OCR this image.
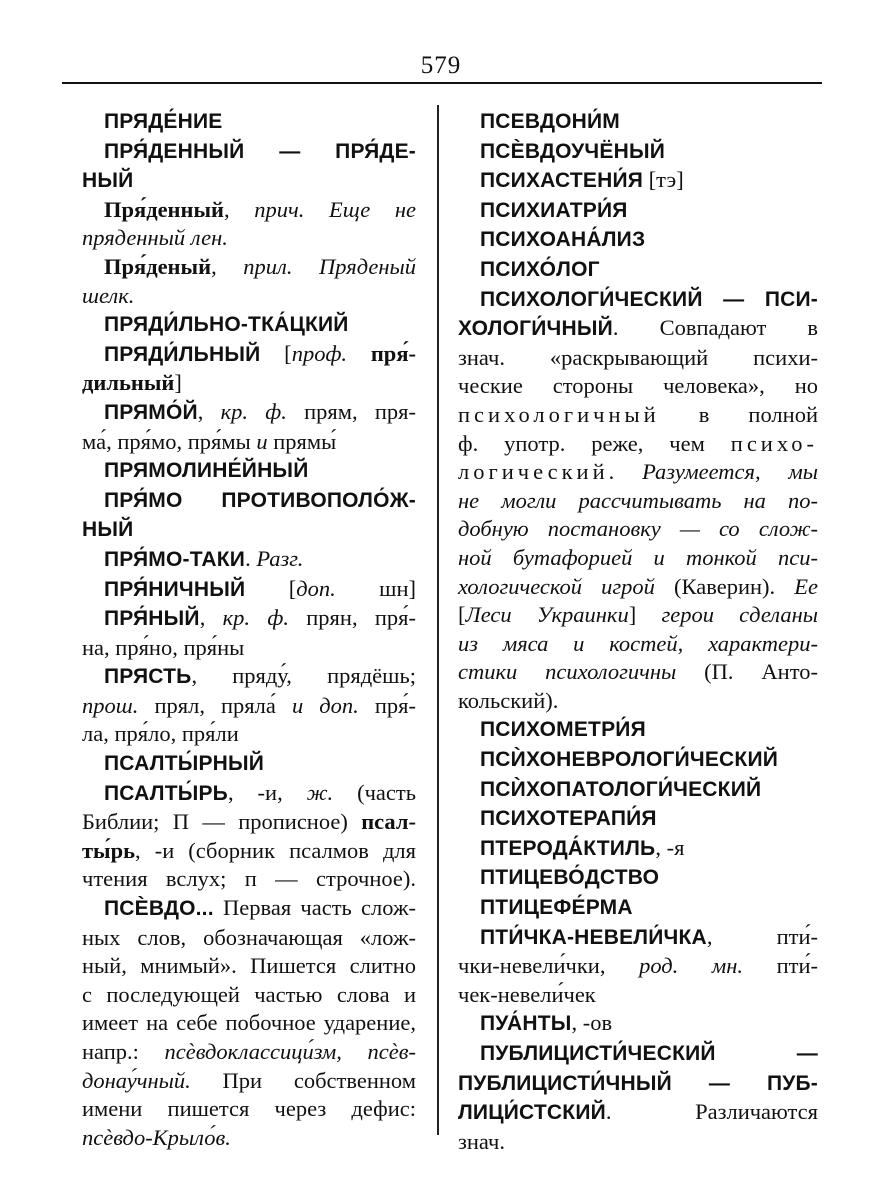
579
ПРЯДЕ́НИЕ
ПРЯ́ДЕННЫЙ — ПРЯ́ДЕ-
НЫЙ
Пря́денный, прич. Еще не
пряденный лен.
Пря́деный, прил. Пряденый
шелк.
ПРЯДИ́ЛЬНО-ТКА́ЦКИЙ
ПРЯДИ́ЛЬНЫЙ [проф. пря́-
дильный]
ПРЯМО́Й, кр. ф. прям, пря-
ма́, пря́мо, пря́мы и прямы́
ПРЯМОЛИНЕ́ЙНЫЙ
ПРЯ́МО ПРОТИВОПОЛО́Ж-
НЫЙ
ПРЯ́МО-ТАКИ. Разг.
ПРЯ́НИЧНЫЙ [доп. шн]
ПРЯ́НЫЙ, кр. ф. прян, пря́-
на, пря́но, пря́ны
ПРЯСТЬ, пряду́, прядёшь;
прош. прял, пряла́ и доп. пря́-
ла, пря́ло, пря́ли
ПСАЛТЫ́РНЫЙ
ПСАЛТЫ́РЬ, -и, ж. (часть
Библии; П — прописное) псал-
ты́рь, -и (сборник псалмов для
чтения вслух; п — строчное).
ПСЀВДО... Первая часть слож-
ных слов, обозначающая «лож-
ный, мнимый». Пишется слитно
с последующей частью слова и
имеет на себе побочное ударение,
напр.: псѐвдоклассици́зм, псѐв-
донау́чный. При собственном
имени пишется через дефис:
псѐвдо-Крыло́в.
ПСЕВДОНИ́М
ПСЀВДОУЧЁНЫЙ
ПСИХАСТЕНИ́Я [тэ]
ПСИХИАТРИ́Я
ПСИХОАНА́ЛИЗ
ПСИХО́ЛОГ
ПСИХОЛОГИ́ЧЕСКИЙ — ПСИ-
ХОЛОГИ́ЧНЫЙ. Совпадают в
знач. «раскрывающий психи-
ческие стороны человека», но
психологичный в полной
ф. употр. реже, чем психо-
логический. Разумеется, мы
не могли рассчитывать на по-
добную постановку — со слож-
ной бутафорией и тонкой пси-
хологической игрой (Каверин). Ее
[Леси Украинки] герои сделаны
из мяса и костей, характери-
стики психологичны (П. Анто-
кольский).
ПСИХОМЕТРИ́Я
ПСЍХОНЕВРОЛОГИ́ЧЕСКИЙ
ПСЍХОПАТОЛОГИ́ЧЕСКИЙ
ПСИХОТЕРАПИ́Я
ПТЕРОДА́КТИЛЬ, -я
ПТИЦЕВО́ДСТВО
ПТИЦЕФЕ́РМА
ПТИ́ЧКА-НЕВЕЛИ́ЧКА, пти́-
чки-невели́чки, род. мн. пти́-
чек-невели́чек
ПУА́НТЫ, -ов
ПУБЛИЦИСТИ́ЧЕСКИЙ —
ПУБЛИЦИСТИ́ЧНЫЙ — ПУБ-
ЛИЦИ́СТСКИЙ. Различаются
знач.
